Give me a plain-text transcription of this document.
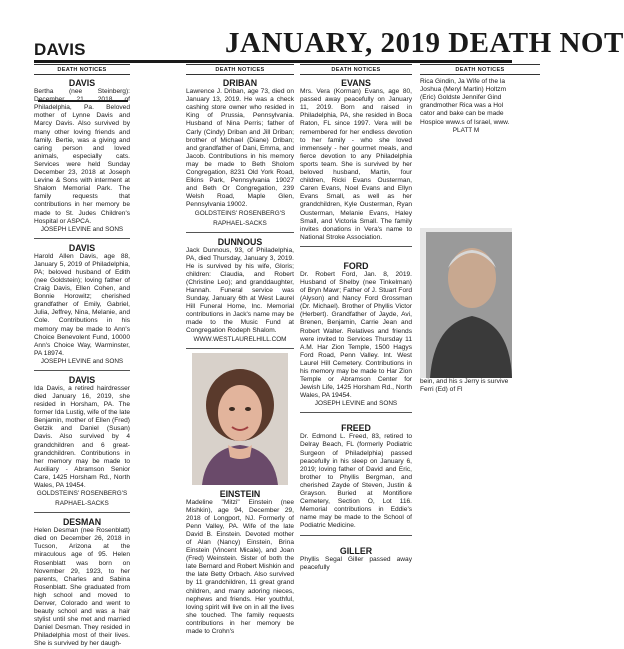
DAVIS	JANUARY, 2019 DEATH NOT
DEATH NOTICES
DAVIS

Bertha (nee Steinberg): December 21, 2018 of Philadelphia, Pa. Beloved mother of Lynne Davis and Marcy Davis. Also survived by many other loving friends and family. Bertie, was a giving and caring person and loved animals, especially cats. Services were held Sunday December 23, 2018 at Joseph Levine & Sons with interment at Shalom Memorial Park. The family requests that contributions in her memory be made to St. Judes Children's Hospital or ASPCA.

JOSEPH LEVINE and SONS
DAVIS

Harold Allen Davis, age 88, January 5, 2019 of Philadelphia, PA; beloved husband of Edith (nee Goldstein); loving father of Craig Davis, Ellen Cohen, and Bonnie Horowitz; cherished grandfather of Emily, Gabriel, Julia, Jeffrey, Nina, Melanie, and Cole. Contributions in his memory may be made to Ann's Choice Benevolent Fund, 10000 Ann's Choice Way, Warminster, PA 18974.

JOSEPH LEVINE and SONS
DAVIS

Ida Davis, a retired hairdresser died January 16, 2019, she resided in Horsham, PA. The former Ida Lustig, wife of the late Benjamin, mother of Ellen (Fred) Getzik and Daniel (Susan) Davis. Also survived by 4 grandchildren and 6 great-grandchildren. Contributions in her memory may be made to Auxiliary - Abramson Senior Care, 1425 Horsham Rd., North Wales, PA 19454.

GOLDSTEINS' ROSENBERG'S
RAPHAEL-SACKS
DESMAN

Helen Desman (nee Rosenblatt) died on December 26, 2018 in Tucson, Arizona at the miraculous age of 95. Helen Rosenblatt was born on November 29, 1923, to her parents, Charles and Sabina Rosenblatt. She graduated from high school and moved to Denver, Colorado and went to beauty school and was a hair stylist until she met and married Daniel Desman. They resided in Philadelphia most of their lives. She is survived by her daugh-

DEATH NOTICES
DRIBAN

Lawrence J. Driban, age 73, died on January 13, 2019. He was a check cashing store owner who resided in King of Prussia, Pennsylvania. Husband of Nina Perris; father of Carly (Cindy) Driban and Jill Driban; brother of Michael (Diane) Driban; and grandfather of Dani, Emma, and Jacob. Contributions in his memory may be made to Beth Sholom Congregation, 8231 Old York Road, Elkins Park, Pennsylvania 19027 and Beth Or Congregation, 239 Welsh Road, Maple Glen, Pennsylvania 19002.

GOLDSTEINS' ROSENBERG'S
RAPHAEL-SACKS
DUNNOUS

Jack Dunnous, 93, of Philadelphia, PA, died Thursday, January 3, 2019. He is survived by his wife, Gloris; children: Claudia, and Robert (Christine Leo); and granddaughter, Hannah. Funeral service was Sunday, January 6th at West Laurel Hill Funeral Home, Inc. Memorial contributions in Jack's name may be made to the Music Fund at Congregation Rodeph Shalom.

WWW.WESTLAURELHILL.COM
EINSTEIN

Madeline "Mitzi" Einstein (nee Mishkin), age 94, December 29, 2018 of Longport, NJ. Formerly of Penn Valley, PA. Wife of the late David B. Einstein. Devoted mother of Alan (Nancy) Einstein, Brina Einstein (Vincent Micale), and Joan (Fred) Weinstein. Sister of both the late Bernard and Robert Mishkin and the late Betty Orbach. Also survived by 11 grandchildren, 11 great grand children, and many adoring nieces, nephews and friends. Her youthful, loving spirit will live on in all the lives she touched. The family requests contributions in her memory be made to Crohn's

DEATH NOTICES
EVANS

Mrs. Vera (Korman) Evans, age 80, passed away peacefully on January 11, 2019. Born and raised in Philadelphia, PA, she resided in Boca Raton, FL since 1997. Vera will be remembered for her endless devotion to her family - who she loved immensely - her gourmet meals, and fierce devotion to any Philadelphia sports team. She is survived by her beloved husband, Martin, four children, Ricki Evans Ousterman, Caren Evans, Noel Evans and Ellyn Evans Small, as well as her grandchildren, Kyle Ousterman, Ryan Ousterman, Melanie Evans, Haley Small, and Victoria Small. The family invites donations in Vera's name to National Stroke Association.

FORD

Dr. Robert Ford, Jan. 8, 2019. Husband of Shelby (nee Tinkelman) of Bryn Mawr; Father of J. Stuart Ford (Alyson) and Nancy Ford Grossman (Dr. Michael). Brother of Phyllis Victor (Herbert). Grandfather of Jayde, Avi, Brenen, Benjamin, Carrie Jean and Robert Walter. Relatives and friends were invited to Services Thursday 11 A.M. Har Zion Temple, 1500 Hagys Ford Road, Penn Valley. Int. West Laurel Hill Cemetery. Contributions in his memory may be made to Har Zion Temple or Abramson Center for Jewish Life, 1425 Horsham Rd., North Wales, PA 19454.

JOSEPH LEVINE and SONS
FREED

Dr. Edmond L. Freed, 83, retired to Delray Beach, FL (formerly Podiatric Surgeon of Philadelphia) passed peacefully in his sleep on January 6, 2019; loving father of David and Eric, brother to Phyllis Bergman, and cherished Zayde of Steven, Justin & Grayson. Buried at Montifiore Cemetery, Section O, Lot 116. Memorial contributions in Eddie's name may be made to the School of Podiatric Medicine.

GILLER

Phyllis Segal Giller passed away peacefully

DEATH NOTICES

Rica Gindin, Ja Wife of the la Joshua (Meryl Martin) Holtzm (Eric) Goldste Jennifer Gind grandmother Rica was a Hol cator and bake can be made Hospice www.s of Israel, www.

PLATT M

bein, and his s Jerry is survive Ferri (Ed) of Fl
